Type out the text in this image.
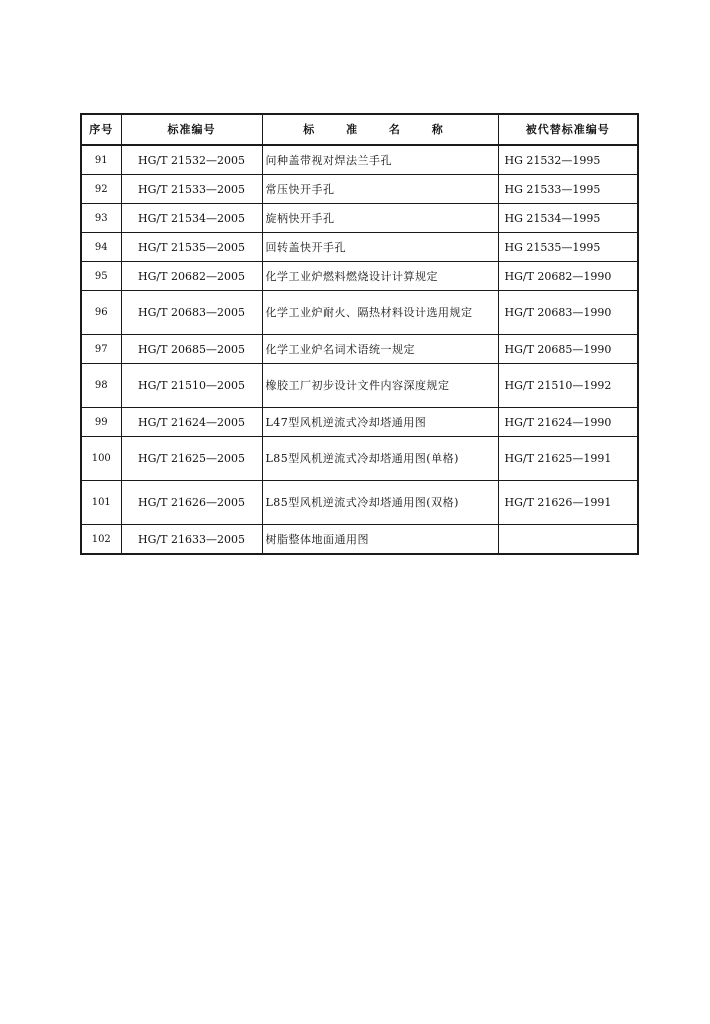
序号	标准编号	标 准 名 称	被代替标准编号
91	HG/T 21532—2005	问种盖带视对焊法兰手孔	HG 21532—1995
92	HG/T 21533—2005	常压快开手孔	HG 21533—1995
93	HG/T 21534—2005	旋柄快开手孔	HG 21534—1995
94	HG/T 21535—2005	回转盖快开手孔	HG 21535—1995
95	HG/T 20682—2005	化学工业炉燃料燃烧设计计算规定	HG/T 20682—1990
96	HG/T 20683—2005	化学工业炉耐火、隔热材料设计选用规定	HG/T 20683—1990
97	HG/T 20685—2005	化学工业炉名词术语统一规定	HG/T 20685—1990
98	HG/T 21510—2005	橡胶工厂初步设计文件内容深度规定	HG/T 21510—1992
99	HG/T 21624—2005	L47型风机逆流式冷却塔通用图	HG/T 21624—1990
100	HG/T 21625—2005	L85型风机逆流式冷却塔通用图(单格)	HG/T 21625—1991
101	HG/T 21626—2005	L85型风机逆流式冷却塔通用图(双格)	HG/T 21626—1991
102	HG/T 21633—2005	树脂整体地面通用图	
